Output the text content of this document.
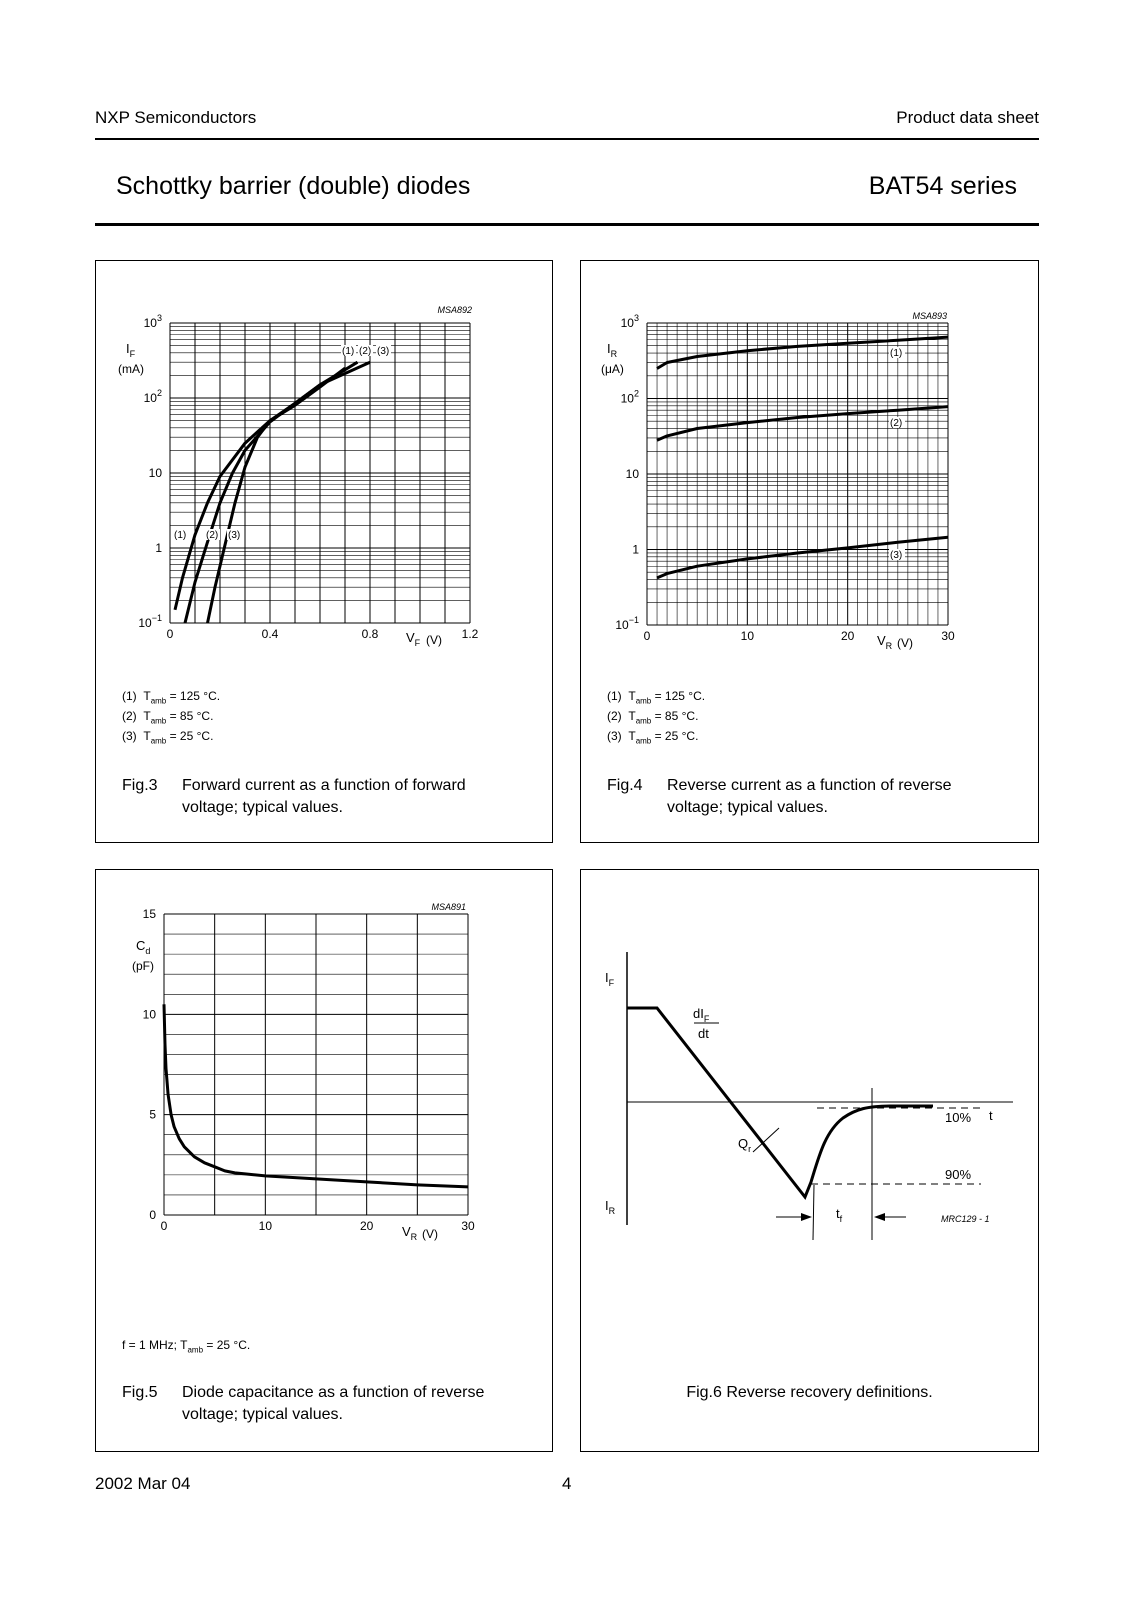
NXP Semiconductors	Product data sheet
Schottky barrier (double) diodes	BAT54 series
$10^{-1}$
1
10
$10^2$
$10^3$
0	0.4	0.8	1.2
$I_F$
(mA)
$V_F$ (V)
MSA892
(1) (2) (3)
(1) (2) (3)
(1) $T_{amb} = 125$ °C.
(2) $T_{amb} = 85$ °C.
(3) $T_{amb} = 25$ °C.
Fig.3 Forward current as a function of forward voltage; typical values.
$10^{-1}$
1
10
$10^2$
$10^3$
0	10	20	30
$I_R$
(μA)
$V_R$ (V)
MSA893
(1)
(2)
(3)
(1) $T_{amb} = 125$ °C.
(2) $T_{amb} = 85$ °C.
(3) $T_{amb} = 25$ °C.
Fig.4 Reverse current as a function of reverse voltage; typical values.
0
5
10
15
0	10	20	30
$C_d$
(pF)
$V_R$ (V)
MSA891
f = 1 MHz; $T_{amb} = 25$ °C.
Fig.5 Diode capacitance as a function of reverse voltage; typical values.
$I_F$
$I_R$
$dI_F$
dt
$Q_r$
10% t
90%
$t_f$	MRC129 - 1
Fig.6 Reverse recovery definitions.
2002 Mar 04	4
